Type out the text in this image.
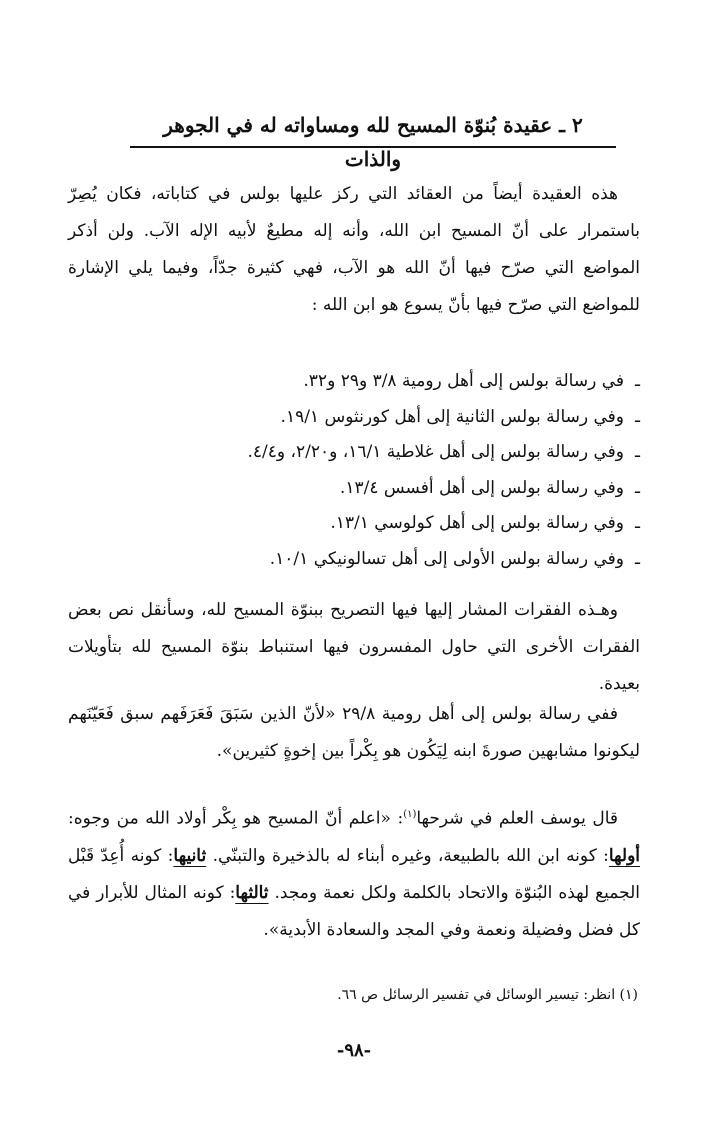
٢ ـ عقيدة بُنوّة المسيح لله ومساواته له في الجوهر والذات

هذه العقيدة أيضاً من العقائد التي ركز عليها بولس في كتاباته، فكان يُصِرّ باستمرار على أنّ المسيح ابن الله، وأنه إله مطيعٌ لأبيه الإله الآب. ولن أذكر المواضع التي صرّح فيها أنّ الله هو الآب، فهي كثيرة جدّاً، وفيما يلي الإشارة للمواضع التي صرّح فيها بأنّ يسوع هو ابن الله :

ـفي رسالة بولس إلى أهل رومية ٣/٨ و٢٩ و٣٢.
ـوفي رسالة بولس الثانية إلى أهل كورنثوس ١٩/١.
ـوفي رسالة بولس إلى أهل غلاطية ١٦/١، و٢/٢٠، و٤/٤.
ـوفي رسالة بولس إلى أهل أفسس ١٣/٤.
ـوفي رسالة بولس إلى أهل كولوسي ١٣/١.
ـوفي رسالة بولس الأولى إلى أهل تسالونيكي ١٠/١.

وهـذه الفقرات المشار إليها فيها التصريح ببنوّة المسيح لله، وسأنقل نص بعض الفقرات الأخرى التي حاول المفسرون فيها استنباط بنوّة المسيح لله بتأويلات بعيدة.

ففي رسالة بولس إلى أهل رومية ٢٩/٨ «لأنّ الذين سَبَقَ فَعَرَفَهم سبق فَعَيّنَهم ليكونوا مشابهين صورةَ ابنه لِيَكُون هو بِكْراً بين إخوةٍ كثيرين».

قال يوسف العلم في شرحها$^{(١)}$: «اعلم أنّ المسيح هو بِكْر أولاد الله من وجوه: أولها: كونه ابن الله بالطبيعة، وغيره أبناء له بالذخيرة والتبنّي. ثانيها: كونه أُعِدّ قَبْل الجميع لهذه البُنوّة والاتحاد بالكلمة ولكل نعمة ومجد. ثالثها: كونه المثال للأبرار في كل فضل وفضيلة ونعمة وفي المجد والسعادة الأبدية».

(١) انظر: تيسير الوسائل في تفسير الرسائل ص ٦٦.

-٩٨-
